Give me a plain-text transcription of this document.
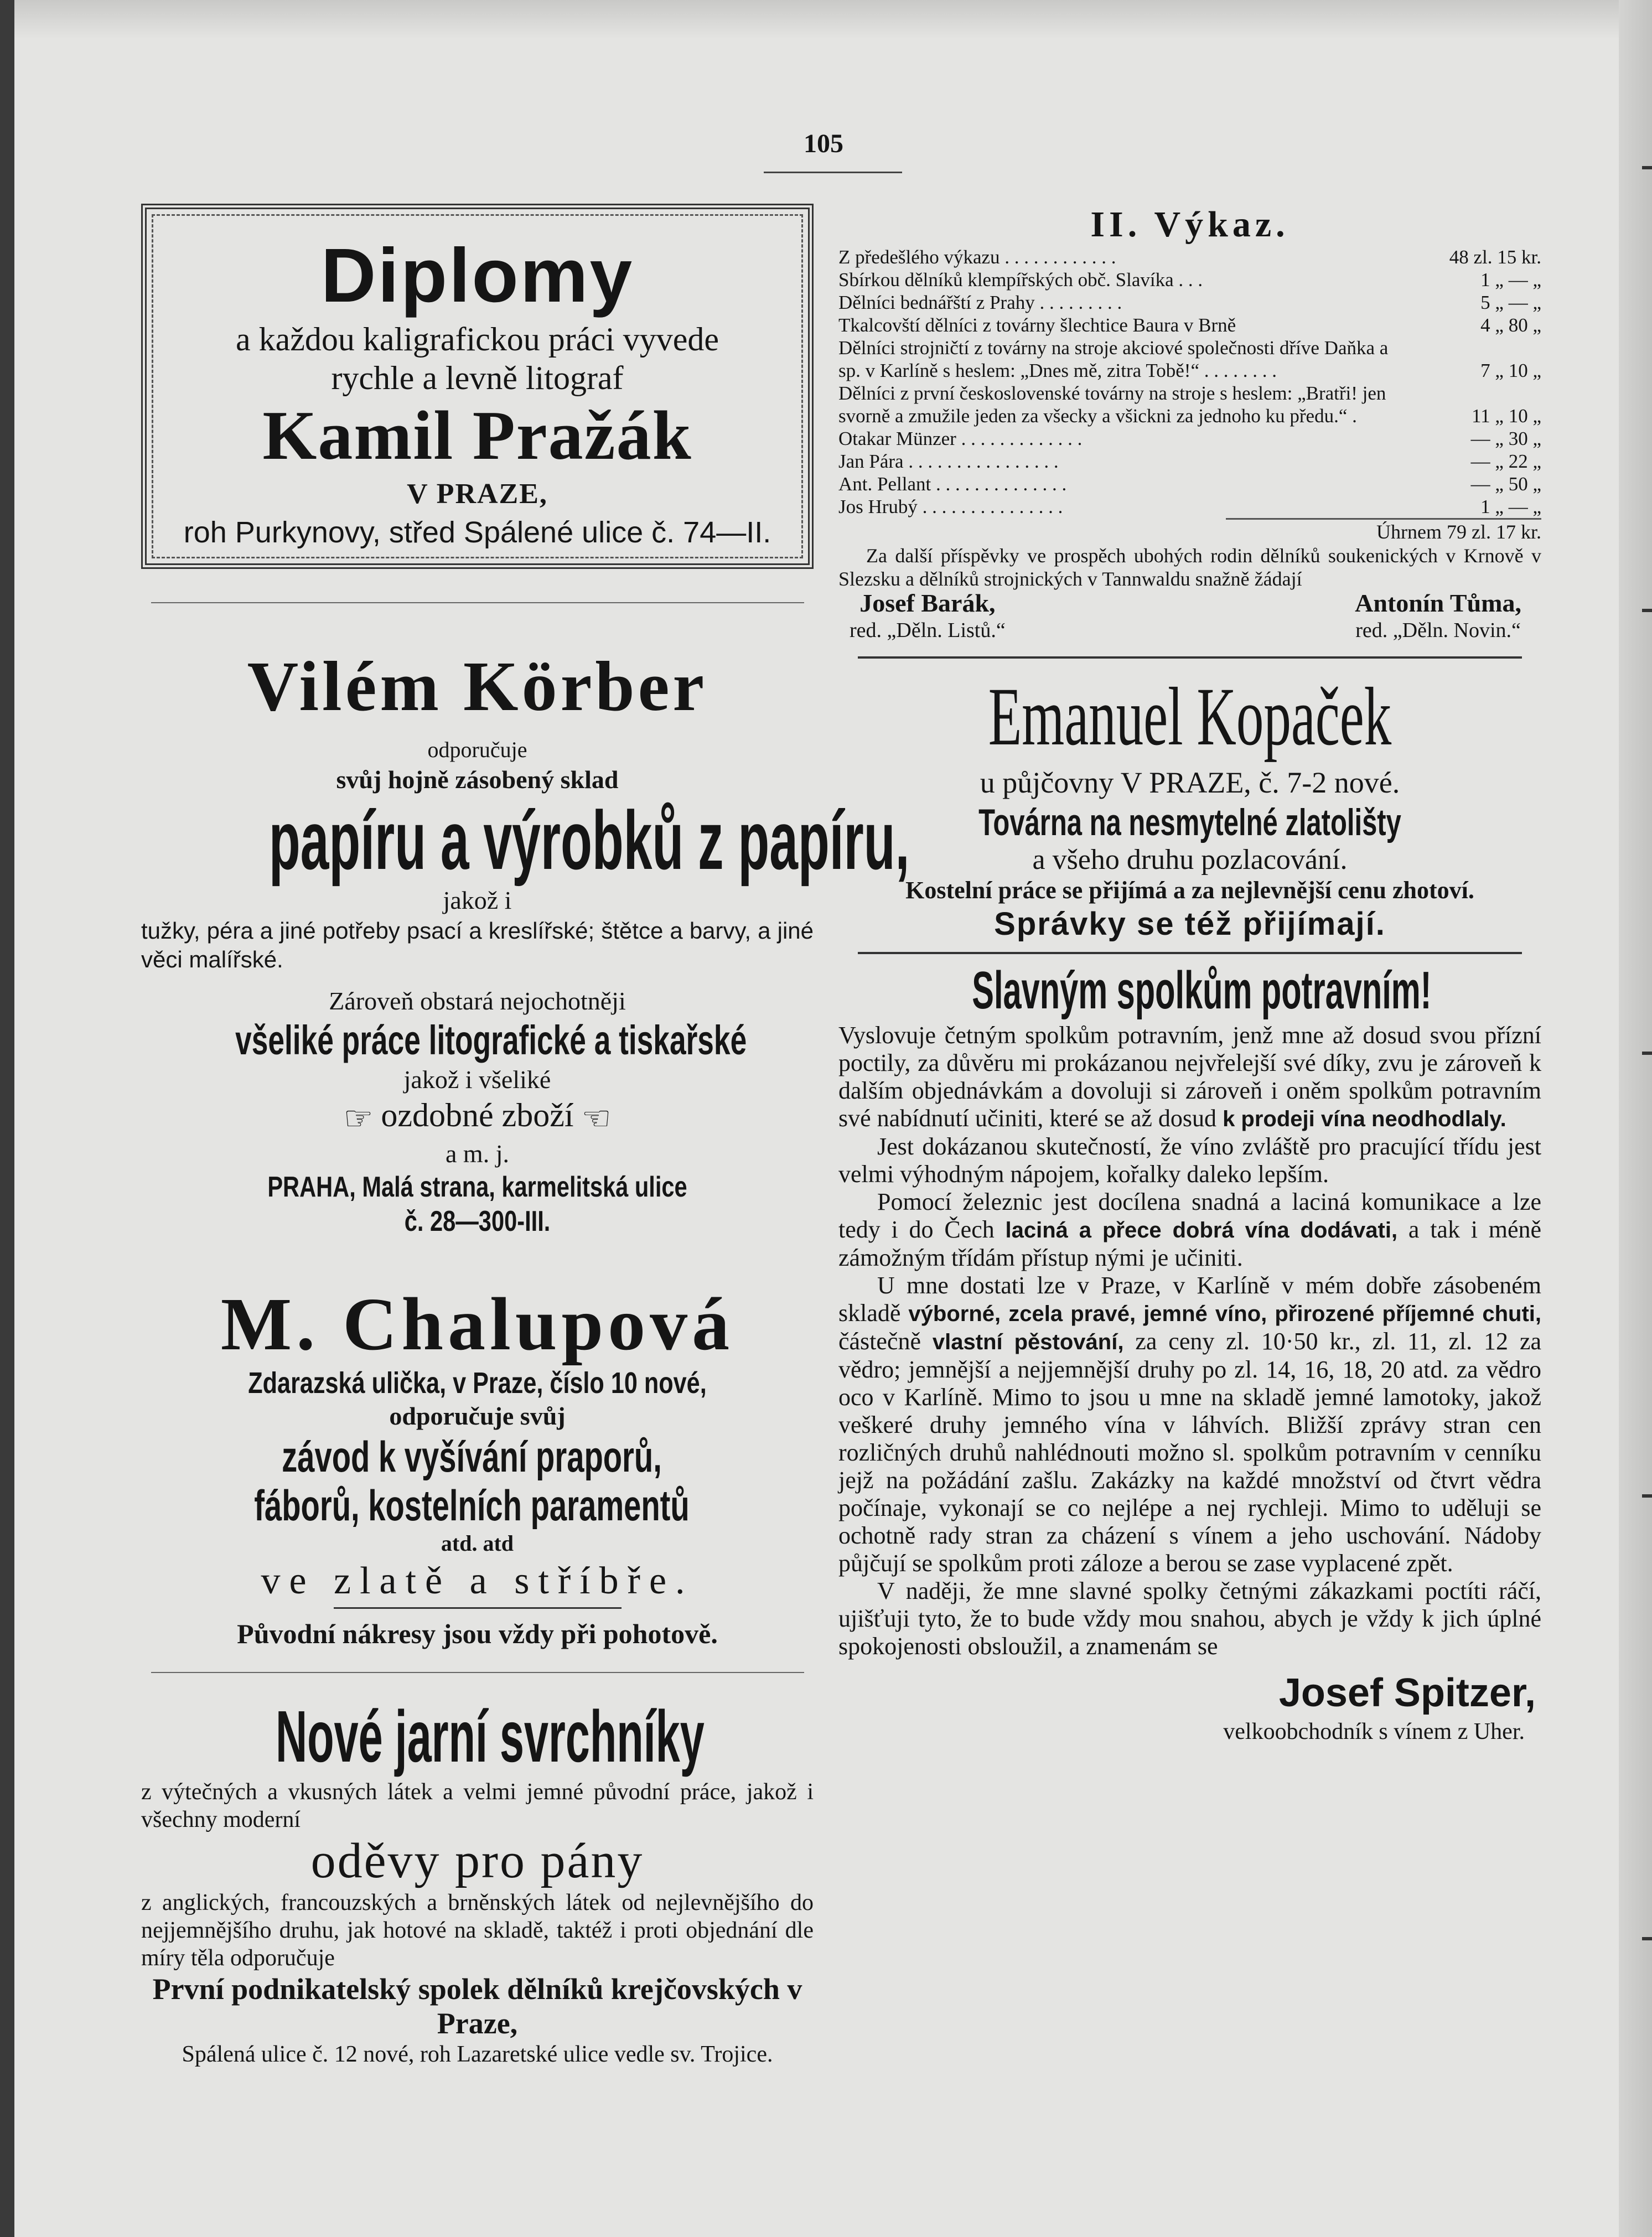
105
Diplomy
a každou kaligrafickou práci vyvede
rychle a levně litograf
Kamil Pražák
V PRAZE,
roh Purkynovy, střed Spálené ulice č. 74—II.
Vilém Körber
odporučuje
svůj hojně zásobený sklad
papíru a výrobků z papíru,
jakož i
tužky, péra a jiné potřeby psací a kreslířské; štětce a barvy, a jiné věci malířské.
Zároveň obstará nejochotněji
všeliké práce litografické a tiskařské
jakož i všeliké
☞ ozdobné zboží ☜
a m. j.
PRAHA, Malá strana, karmelitská ulice
č. 28—300-III.
M. Chalupová
Zdarazská ulička, v Praze, číslo 10 nové,
odporučuje svůj
závod k vyšívání praporů, fáborů, kostelních paramentů
atd. atd
ve zlatě a stříbře.
Původní nákresy jsou vždy při pohotově.
Nové jarní svrchníky
z výtečných a vkusných látek a velmi jemné původní práce, jakož i všechny moderní
oděvy pro pány
z anglických, francouzských a brněnských látek od nejlevnějšího do nejjemnějšího druhu, jak hotové na skladě, taktéž i proti objednání dle míry těla odporučuje
První podnikatelský spolek dělníků krejčovských v Praze,
Spálená ulice č. 12 nové, roh Lazaretské ulice vedle sv. Trojice.
II. Výkaz.
Z předešlého výkazu . . . . . . . . . . . .	48 zl. 15 kr.
Sbírkou dělníků klempířských obč. Slavíka . . .	1 „ — „
Dělníci bednářští z Prahy . . . . . . . . .	5 „ — „
Tkalcovští dělníci z továrny šlechtice Baura v Brně	4 „ 80 „
Dělníci strojničtí z továrny na stroje akciové společnosti dříve Daňka a sp. v Karlíně s heslem: „Dnes mě, zitra Tobě!“ . . . . . . . .	7 „ 10 „
Dělníci z první československé továrny na stroje s heslem: „Bratři! jen svorně a zmužile jeden za všecky a všickni za jednoho ku předu.“ .	11 „ 10 „
Otakar Münzer . . . . . . . . . . . . .	— „ 30 „
Jan Pára . . . . . . . . . . . . . . . .	— „ 22 „
Ant. Pellant . . . . . . . . . . . . . .	— „ 50 „
Jos Hrubý . . . . . . . . . . . . . . .	1 „ — „
Úhrnem 79 zl. 17 kr.
Za další příspěvky ve prospěch ubohých rodin dělníků soukenických v Krnově v Slezsku a dělníků strojnických v Tannwaldu snažně žádají
Josef Barák,
red. „Děln. Listů.“
Antonín Tůma,
red. „Děln. Novin.“
Emanuel Kopaček
u půjčovny V PRAZE, č. 7-2 nové.
Továrna na nesmytelné zlatolišty
a všeho druhu pozlacování.
Kostelní práce se přijímá a za nejlevnější cenu zhotoví.
Správky se též přijímají.
Slavným spolkům potravním!

Vyslovuje četným spolkům potravním, jenž mne až dosud svou přízní poctily, za důvěru mi prokázanou nejvřelejší své díky, zvu je zároveň k dalším objednávkám a dovoluji si zároveň i oněm spolkům potravním své nabídnutí učiniti, které se až dosud k prodeji vína neodhodlaly.

Jest dokázanou skutečností, že víno zvláště pro pracující třídu jest velmi výhodným nápojem, kořalky daleko lepším.

Pomocí železnic jest docílena snadná a laciná komunikace a lze tedy i do Čech laciná a přece dobrá vína dodávati, a tak i méně zámožným třídám přístup nými je učiniti.

U mne dostati lze v Praze, v Karlíně v mém dobře zásobeném skladě výborné, zcela pravé, jemné víno, přirozené příjemné chuti, částečně vlastní pěstování, za ceny zl. 10·50 kr., zl. 11, zl. 12 za vědro; jemnější a nejjemnější druhy po zl. 14, 16, 18, 20 atd. za vědro oco v Karlíně. Mimo to jsou u mne na skladě jemné lamotoky, jakož veškeré druhy jemného vína v láhvích. Bližší zprávy stran cen rozličných druhů nahlédnouti možno sl. spolkům potravním v cenníku jejž na požádání zašlu. Zakázky na každé množství od čtvrt vědra počínaje, vykonají se co nejlépe a nej rychleji. Mimo to uděluji se ochotně rady stran za cházení s vínem a jeho uschování. Nádoby půjčují se spolkům proti záloze a berou se zase vyplacené zpět.

V naději, že mne slavné spolky četnými zákazkami poctíti ráčí, ujišťuji tyto, že to bude vždy mou snahou, abych je vždy k jich úplné spokojenosti obsloužil, a znamenám se

Josef Spitzer,
velkoobchodník s vínem z Uher.
